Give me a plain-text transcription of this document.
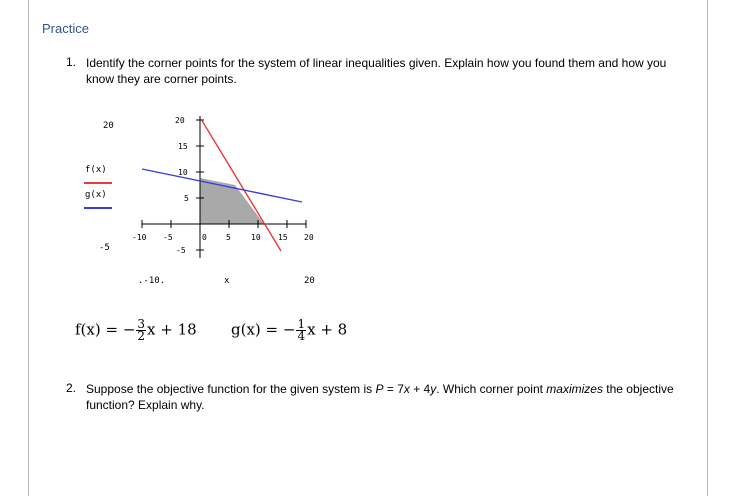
Practice
1. Identify the corner points for the system of linear inequalities given. Explain how you found them and how you know they are corner points.
20
f(x)
g(x)
-5
.-10.	x	20
-10 -5	0 5	10 15 20
20
15
10
5
-5
f(x) = − $\frac{3}{2}$ x + 18 g(x) = − $\frac{1}{4}$ x + 8
2. Suppose the objective function for the given system is P = 7x + 4y. Which corner point maximizes the objective function? Explain why.
